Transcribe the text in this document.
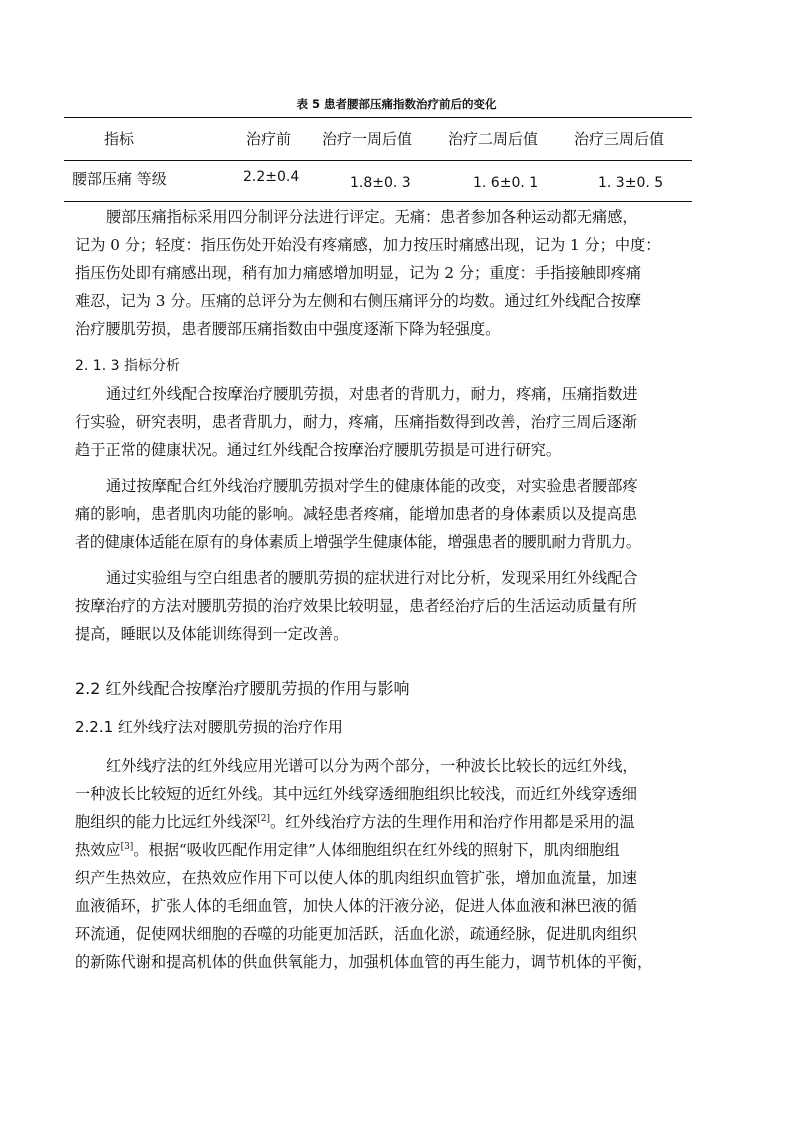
表 5 患者腰部压痛指数治疗前后的变化
指标	治疗前 治疗一周后值 治疗二周后值 治疗三周后值
腰部压痛 等级	2.2±0.4	1.8±0. 3	1. 6±0. 1	1. 3±0. 5
腰部压痛指标采用四分制评分法进行评定。无痛：患者参加各种运动都无痛感，
记为 0 分；轻度：指压伤处开始没有疼痛感，加力按压时痛感出现，记为 1 分；中度：
指压伤处即有痛感出现，稍有加力痛感增加明显，记为 2 分；重度：手指接触即疼痛
难忍，记为 3 分。压痛的总评分为左侧和右侧压痛评分的均数。通过红外线配合按摩
治疗腰肌劳损，患者腰部压痛指数由中强度逐渐下降为轻强度。
2. 1. 3 指标分析
通过红外线配合按摩治疗腰肌劳损，对患者的背肌力，耐力，疼痛，压痛指数进
行实验，研究表明，患者背肌力，耐力，疼痛，压痛指数得到改善，治疗三周后逐渐
趋于正常的健康状况。通过红外线配合按摩治疗腰肌劳损是可进行研究。
通过按摩配合红外线治疗腰肌劳损对学生的健康体能的改变，对实验患者腰部疼
痛的影响，患者肌肉功能的影响。减轻患者疼痛，能增加患者的身体素质以及提高患
者的健康体适能在原有的身体素质上增强学生健康体能，增强患者的腰肌耐力背肌力。
通过实验组与空白组患者的腰肌劳损的症状进行对比分析，发现采用红外线配合
按摩治疗的方法对腰肌劳损的治疗效果比较明显，患者经治疗后的生活运动质量有所
提高，睡眠以及体能训练得到一定改善。
2.2 红外线配合按摩治疗腰肌劳损的作用与影响
2.2.1 红外线疗法对腰肌劳损的治疗作用
红外线疗法的红外线应用光谱可以分为两个部分，一种波长比较长的远红外线，
一种波长比较短的近红外线。其中远红外线穿透细胞组织比较浅，而近红外线穿透细
胞组织的能力比远红外线深[2]。红外线治疗方法的生理作用和治疗作用都是采用的温
热效应[3]。根据“吸收匹配作用定律”人体细胞组织在红外线的照射下，肌肉细胞组
织产生热效应，在热效应作用下可以使人体的肌肉组织血管扩张，增加血流量，加速
血液循环，扩张人体的毛细血管，加快人体的汗液分泌，促进人体血液和淋巴液的循
环流通，促使网状细胞的吞噬的功能更加活跃，活血化淤，疏通经脉，促进肌肉组织
的新陈代谢和提高机体的供血供氧能力，加强机体血管的再生能力，调节机体的平衡，
